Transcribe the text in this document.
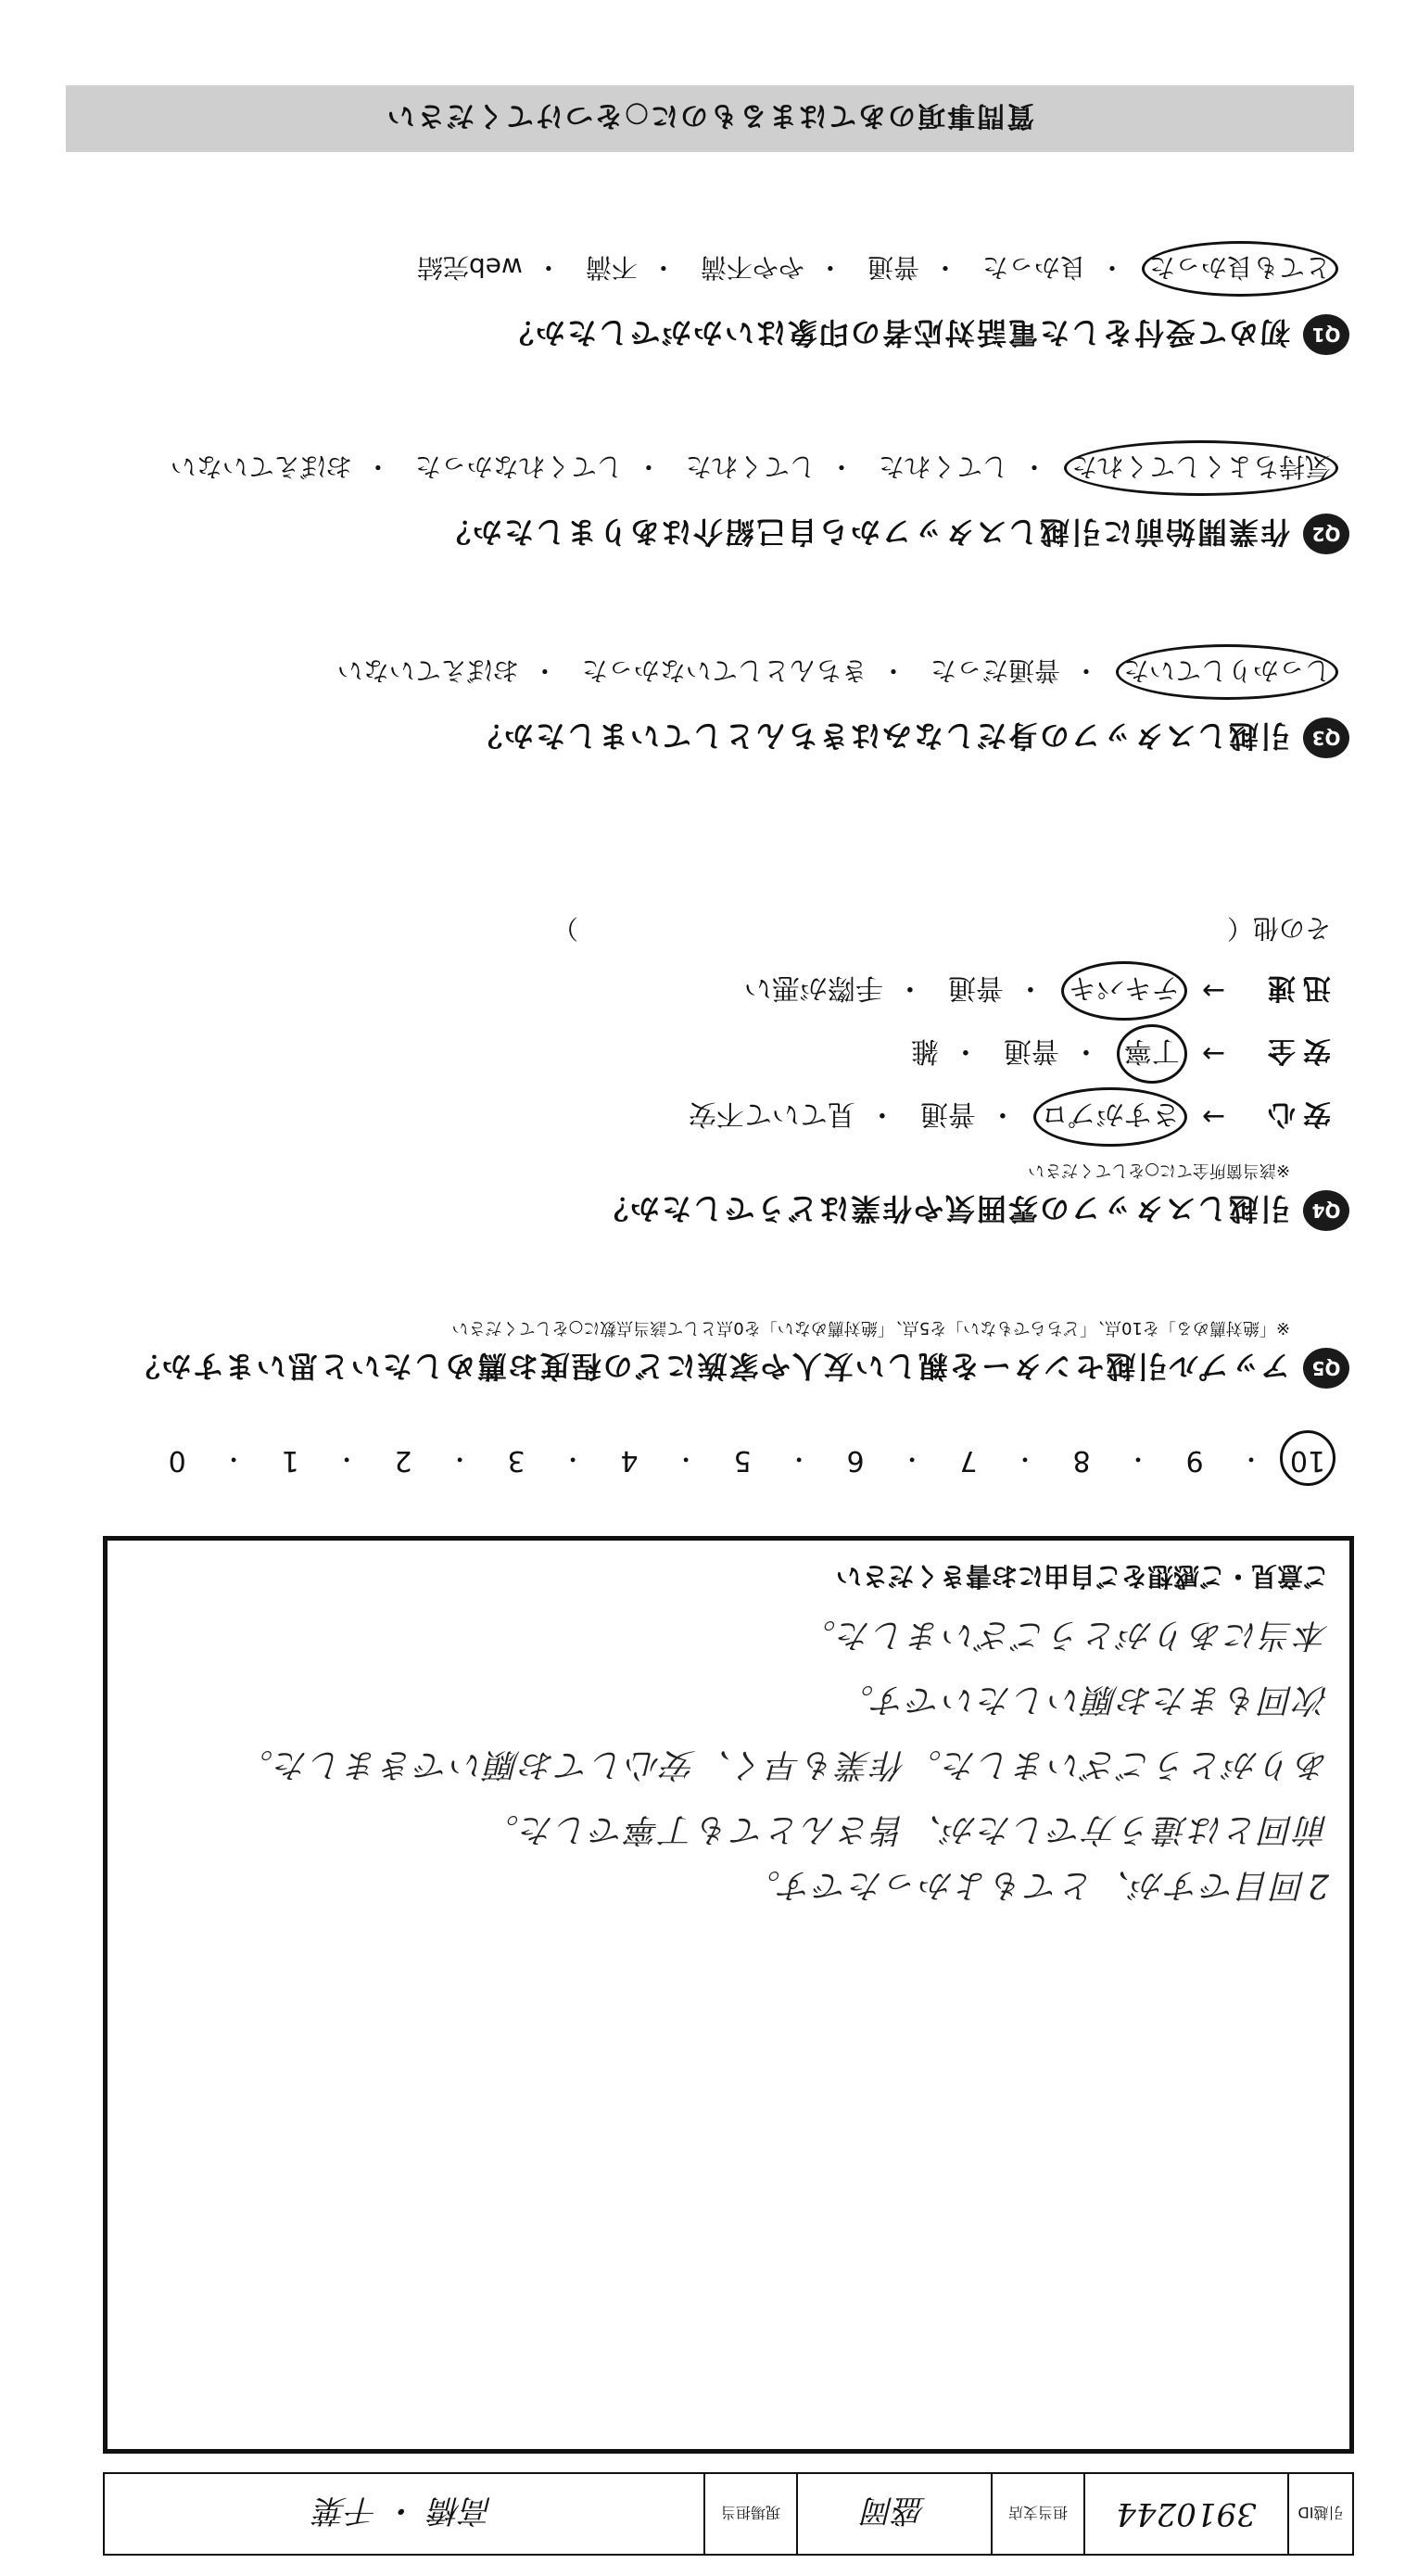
引越ID
3910244
担当支店
盛岡
現場担当
高橋 ・ 千葉
2回目ですが、とてもよかったです。
前回とは違う方でしたが、皆さんとても丁寧でした。
ありがとうございました。作業も早く、安心してお願いできました。
次回もまたお願いしたいです。
本当にありがとうございました。
ご意見・ご感想をご自由にお書きください
10
・
9
・
8
・
7
・
6
・
5
・
4
・
3
・
2
・
1
・
0
Q5
アップル引越センターを親しい友人や家族にどの程度お薦めしたいと思いますか？
※「絶対薦める」を10点、「どちらでもない」を5点、「絶対薦めない」を0点として該当点数に○をしてください
Q4
引越しスタッフの雰囲気や作業はどうでしたか？
※該当箇所全てに○をしてください
安心
→
さすがプロ
・
普通
・
見ていて不安
安全
→
丁寧
・
普通
・
雑
迅速
→
テキパキ
・
普通
・
手際が悪い
その他（　　　　　　　　　　　　　　　　　　　　　　　　　）
Q3
引越しスタッフの身だしなみはきちんとしていましたか？
しっかりしていた
・
普通だった
・
きちんとしていなかった
・
おぼえていない
Q2
作業開始前に引越しスタッフから自己紹介はありましたか？
気持ちよくしてくれた
・
してくれた
・
してくれた
・
してくれなかった
・
おぼえていない
Q1
初めて受付をした電話対応者の印象はいかがでしたか？
とても良かった
・
良かった
・
普通
・
やや不満
・
不満
・
web完結
質問事項のあてはまるものに○をつけてください
